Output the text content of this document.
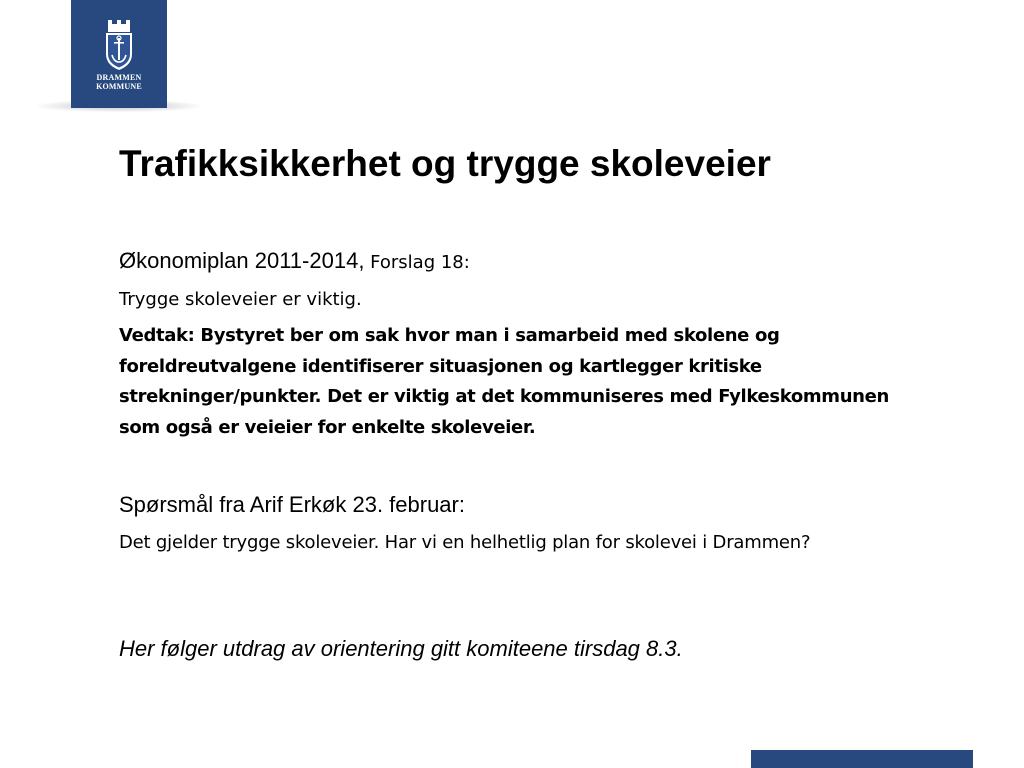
DRAMMEN
KOMMUNE
Trafikksikkerhet og trygge skoleveier

Økonomiplan 2011-2014, Forslag 18:

Trygge skoleveier er viktig.

Vedtak: Bystyret ber om sak hvor man i samarbeid med skolene og foreldreutvalgene identifiserer situasjonen og kartlegger kritiske strekninger/punkter. Det er viktig at det kommuniseres med Fylkeskommunen som også er veieier for enkelte skoleveier.

Spørsmål fra Arif Erkøk 23. februar:

Det gjelder trygge skoleveier. Har vi en helhetlig plan for skolevei i Drammen?

Her følger utdrag av orientering gitt komiteene tirsdag 8.3.
